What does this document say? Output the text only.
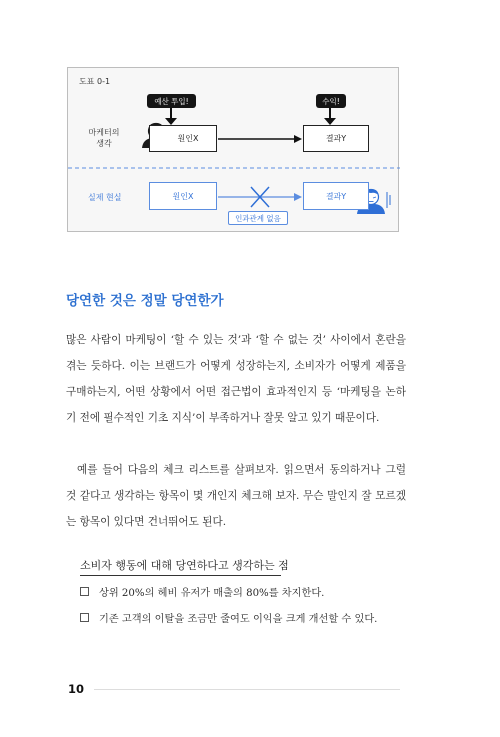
도표 0-1
예산 투입!	수익!
마케터의
생각
원인X	결과Y
실제 현실	원인X	결과Y
인과관계 없음
당연한 것은 정말 당연한가

많은 사람이 마케팅이 ‘할 수 있는 것’과 ‘할 수 없는 것’ 사이에서 혼란을 겪는 듯하다. 이는 브랜드가 어떻게 성장하는지, 소비자가 어떻게 제품을 구매하는지, 어떤 상황에서 어떤 접근법이 효과적인지 등 ‘마케팅을 논하기 전에 필수적인 기초 지식’이 부족하거나 잘못 알고 있기 때문이다.

예를 들어 다음의 체크 리스트를 살펴보자. 읽으면서 동의하거나 그럴 것 같다고 생각하는 항목이 몇 개인지 체크해 보자. 무슨 말인지 잘 모르겠는 항목이 있다면 건너뛰어도 된다.

소비자 행동에 대해 당연하다고 생각하는 점
상위 20%의 헤비 유저가 매출의 80%를 차지한다.
기존 고객의 이탈을 조금만 줄여도 이익을 크게 개선할 수 있다.
10
